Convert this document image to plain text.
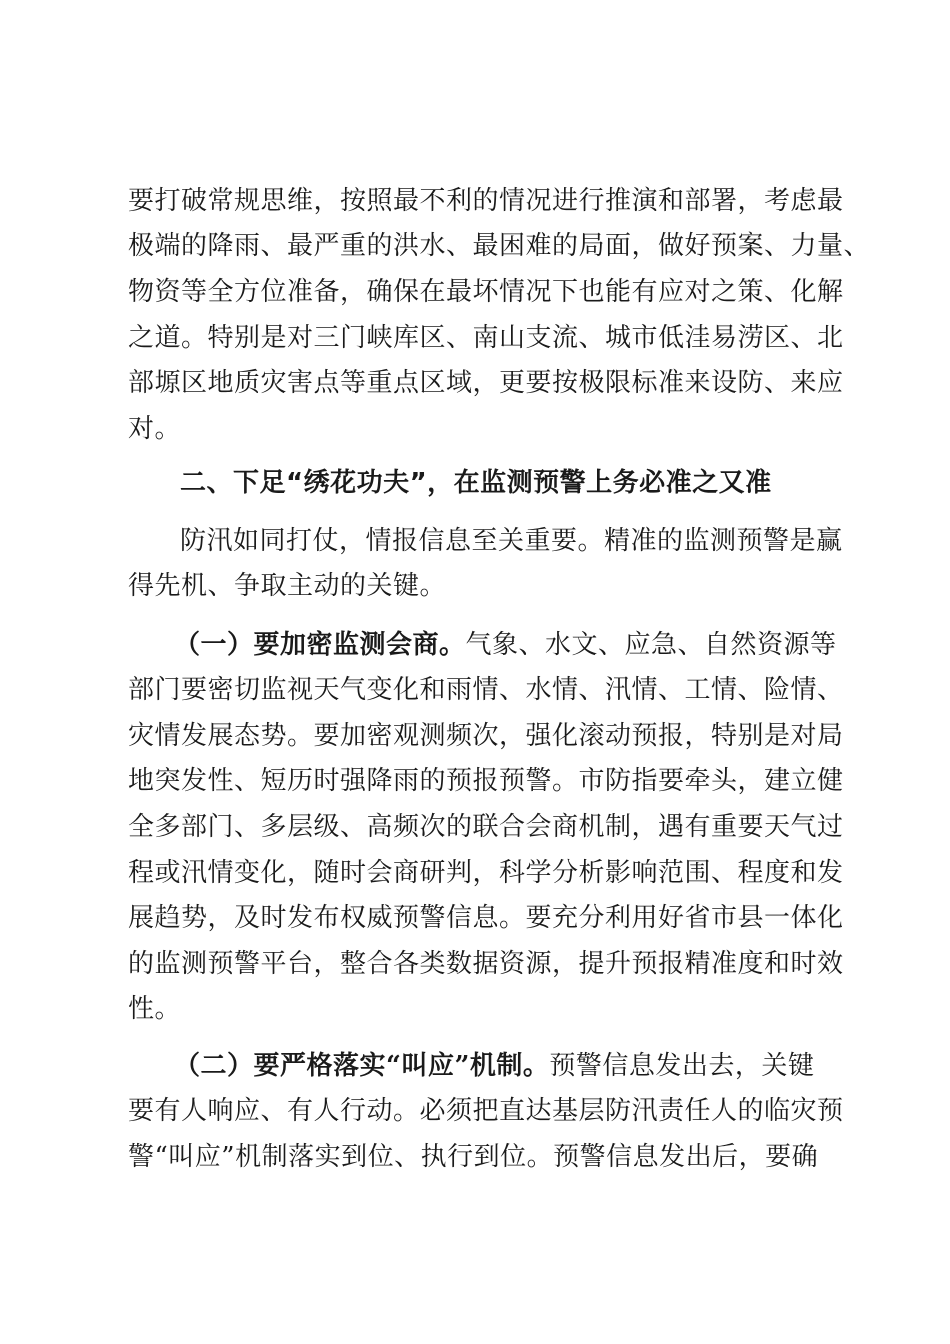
要打破常规思维，按照最不利的情况进行推演和部署，考虑最
极端的降雨、最严重的洪水、最困难的局面，做好预案、力量、
物资等全方位准备，确保在最坏情况下也能有应对之策、化解
之道。特别是对三门峡库区、南山支流、城市低洼易涝区、北
部塬区地质灾害点等重点区域，更要按极限标准来设防、来应
对。
二、下足“绣花功夫”，在监测预警上务必准之又准
防汛如同打仗，情报信息至关重要。精准的监测预警是赢
得先机、争取主动的关键。
（一）要加密监测会商。气象、水文、应急、自然资源等
部门要密切监视天气变化和雨情、水情、汛情、工情、险情、
灾情发展态势。要加密观测频次，强化滚动预报，特别是对局
地突发性、短历时强降雨的预报预警。市防指要牵头，建立健
全多部门、多层级、高频次的联合会商机制，遇有重要天气过
程或汛情变化，随时会商研判，科学分析影响范围、程度和发
展趋势，及时发布权威预警信息。要充分利用好省市县一体化
的监测预警平台，整合各类数据资源，提升预报精准度和时效
性。
（二）要严格落实“叫应”机制。预警信息发出去，关键
要有人响应、有人行动。必须把直达基层防汛责任人的临灾预
警“叫应”机制落实到位、执行到位。预警信息发出后，要确
